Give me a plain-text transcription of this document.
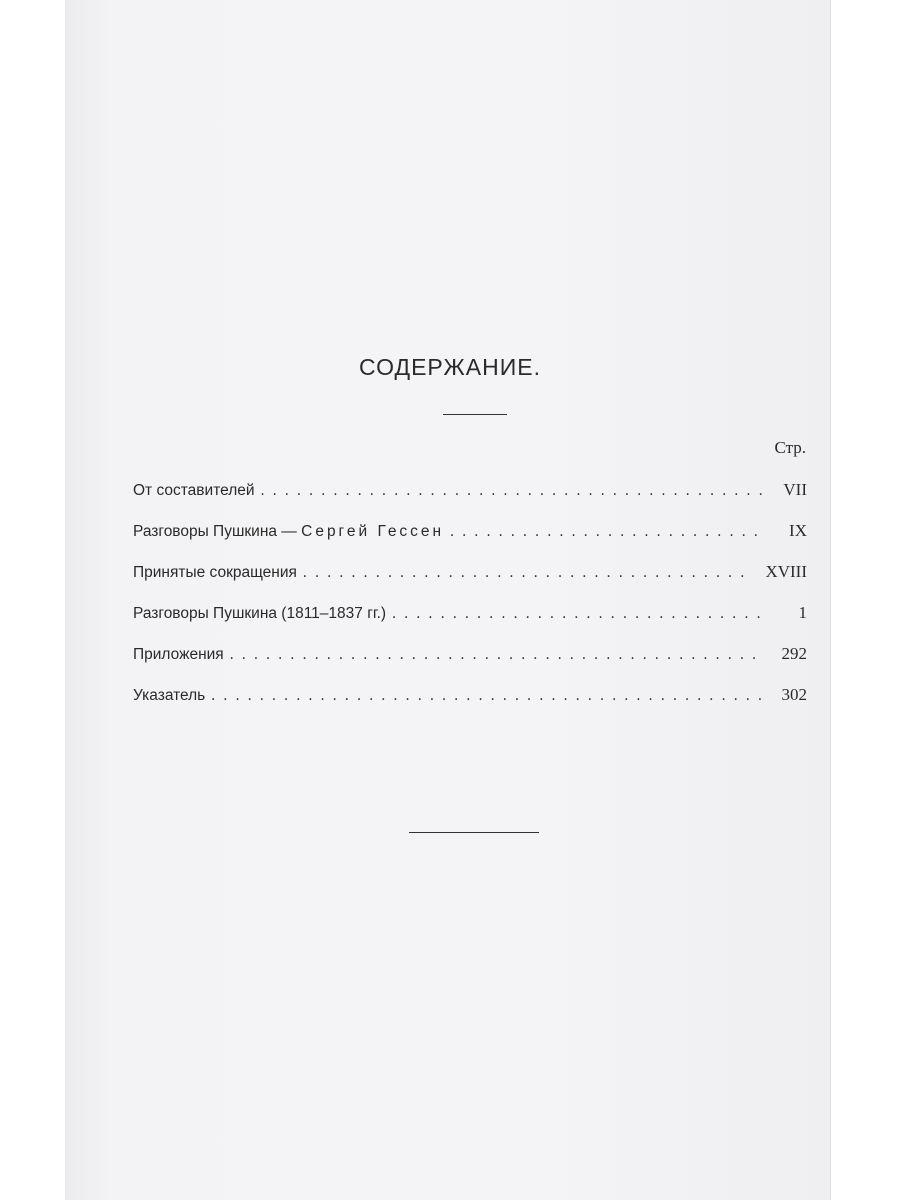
СОДЕРЖАНИЕ.
Стр.
От составителей . . .	VII
Разговоры Пушкина — Сергей Гессен . . .	IX
Принятые сокращения . . .	XVIII
Разговоры Пушкина (1811–1837 гг.) . . .	1
Приложения . . .	292
Указатель . . .	302
